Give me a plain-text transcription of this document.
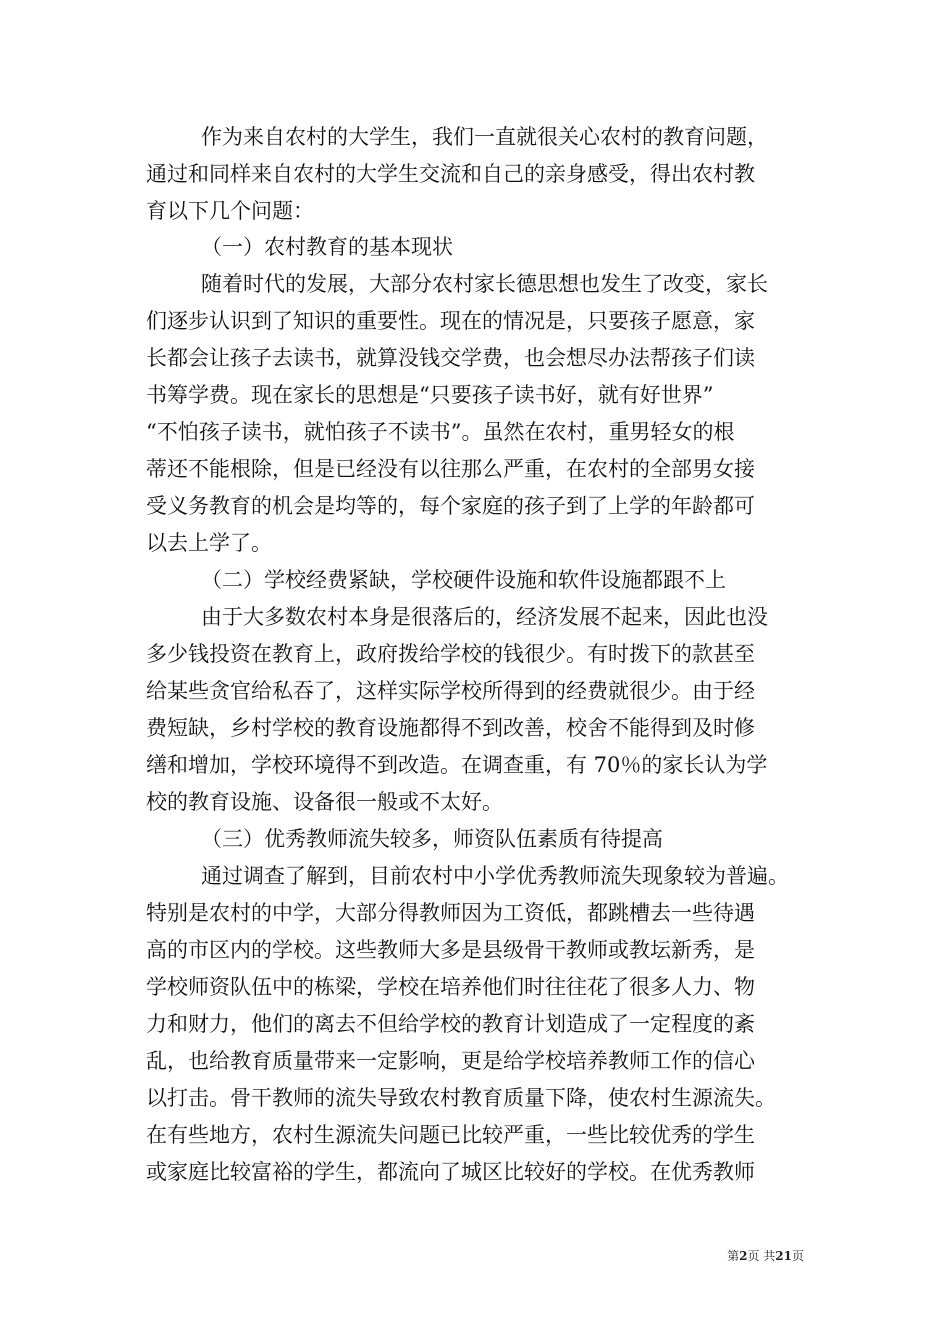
作为来自农村的大学生，我们一直就很关心农村的教育问题，
通过和同样来自农村的大学生交流和自己的亲身感受，得出农村教
育以下几个问题：
（一）农村教育的基本现状
随着时代的发展，大部分农村家长德思想也发生了改变，家长
们逐步认识到了知识的重要性。现在的情况是，只要孩子愿意，家
长都会让孩子去读书，就算没钱交学费，也会想尽办法帮孩子们读
书筹学费。现在家长的思想是“只要孩子读书好，就有好世界”
“不怕孩子读书，就怕孩子不读书”。虽然在农村，重男轻女的根
蒂还不能根除，但是已经没有以往那么严重，在农村的全部男女接
受义务教育的机会是均等的，每个家庭的孩子到了上学的年龄都可
以去上学了。
（二）学校经费紧缺，学校硬件设施和软件设施都跟不上
由于大多数农村本身是很落后的，经济发展不起来，因此也没
多少钱投资在教育上，政府拨给学校的钱很少。有时拨下的款甚至
给某些贪官给私吞了，这样实际学校所得到的经费就很少。由于经
费短缺，乡村学校的教育设施都得不到改善，校舍不能得到及时修
缮和增加，学校环境得不到改造。在调查重，有 70％的家长认为学
校的教育设施、设备很一般或不太好。
（三）优秀教师流失较多，师资队伍素质有待提高
通过调查了解到，目前农村中小学优秀教师流失现象较为普遍。
特别是农村的中学，大部分得教师因为工资低，都跳槽去一些待遇
高的市区内的学校。这些教师大多是县级骨干教师或教坛新秀，是
学校师资队伍中的栋梁，学校在培养他们时往往花了很多人力、物
力和财力，他们的离去不但给学校的教育计划造成了一定程度的紊
乱，也给教育质量带来一定影响，更是给学校培养教师工作的信心
以打击。骨干教师的流失导致农村教育质量下降，使农村生源流失。
在有些地方，农村生源流失问题已比较严重，一些比较优秀的学生
或家庭比较富裕的学生，都流向了城区比较好的学校。在优秀教师
第2页 共21页
